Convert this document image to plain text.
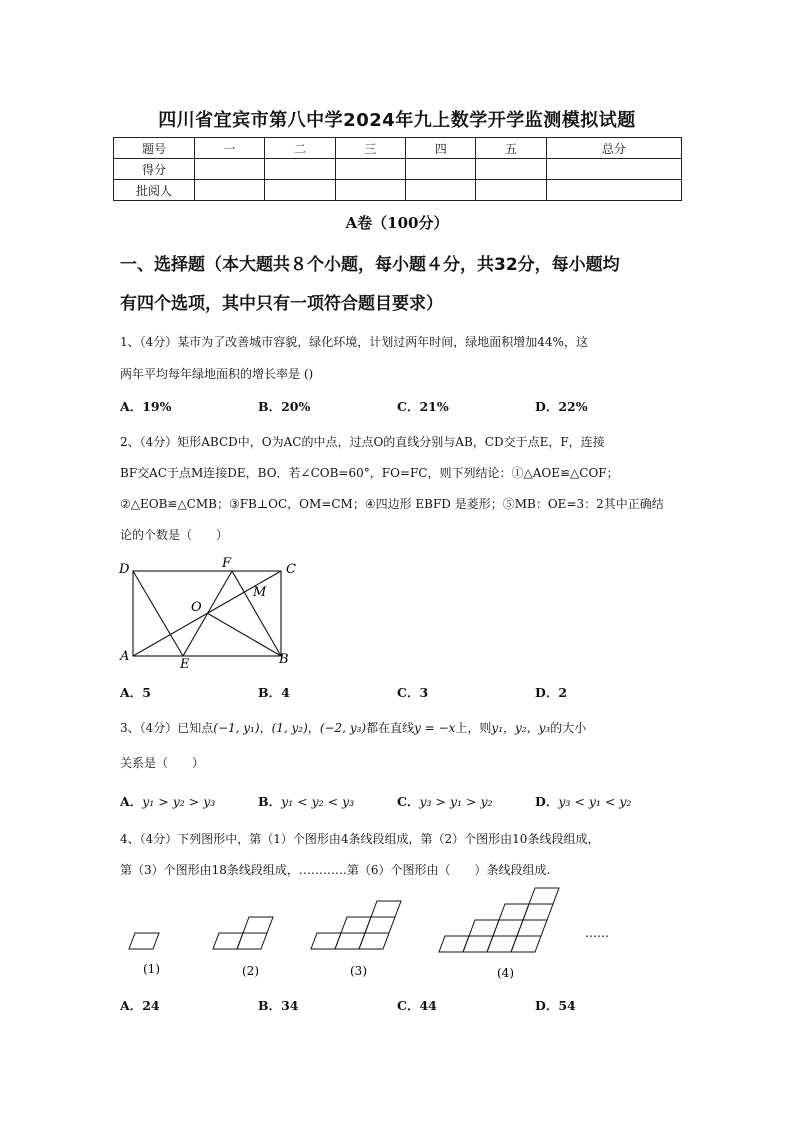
四川省宜宾市第八中学2024年九上数学开学监测模拟试题
题号	一	二	三	四	五	总分
得分						
批阅人						
A卷（100分）
一、选择题（本大题共８个小题，每小题４分，共32分，每小题均
有四个选项，其中只有一项符合题目要求）
1、（4分）某市为了改善城市容貌，绿化环境，计划过两年时间，绿地面积增加44%，这
两年平均每年绿地面积的增长率是 ()
A．19%	B．20%	C．21%	D．22%
2、（4分）矩形ABCD中，O为AC的中点，过点O的直线分别与AB，CD交于点E，F，连接
BF交AC于点M连接DE，BO．若∠COB=60°，FO=FC，则下列结论：①△AOE≌△COF；
②△EOB≌△CMB；③FB⊥OC，OM=CM；④四边形 EBFD 是菱形；⑤MB：OE=3：2其中正确结
论的个数是（　　）
D	F	C
M
O
A
E	B
A．5	B．4	C．3	D．2
3、（4分）已知点(−1, y₁)，(1, y₂)，(−2, y₃)都在直线y = −x上，则y₁，y₂，y₃的大小
关系是（　　）
A．y₁ > y₂ > y₃	B．y₁ < y₂ < y₃	C．y₃ > y₁ > y₂	D．y₃ < y₁ < y₂
4、（4分）下列图形中，第（1）个图形由4条线段组成，第（2）个图形由10条线段组成，
第（3）个图形由18条线段组成，…………第（6）个图形由（　　）条线段组成.
(1)	(2)	(3)	(4)
……
A．24	B．34	C．44	D．54
